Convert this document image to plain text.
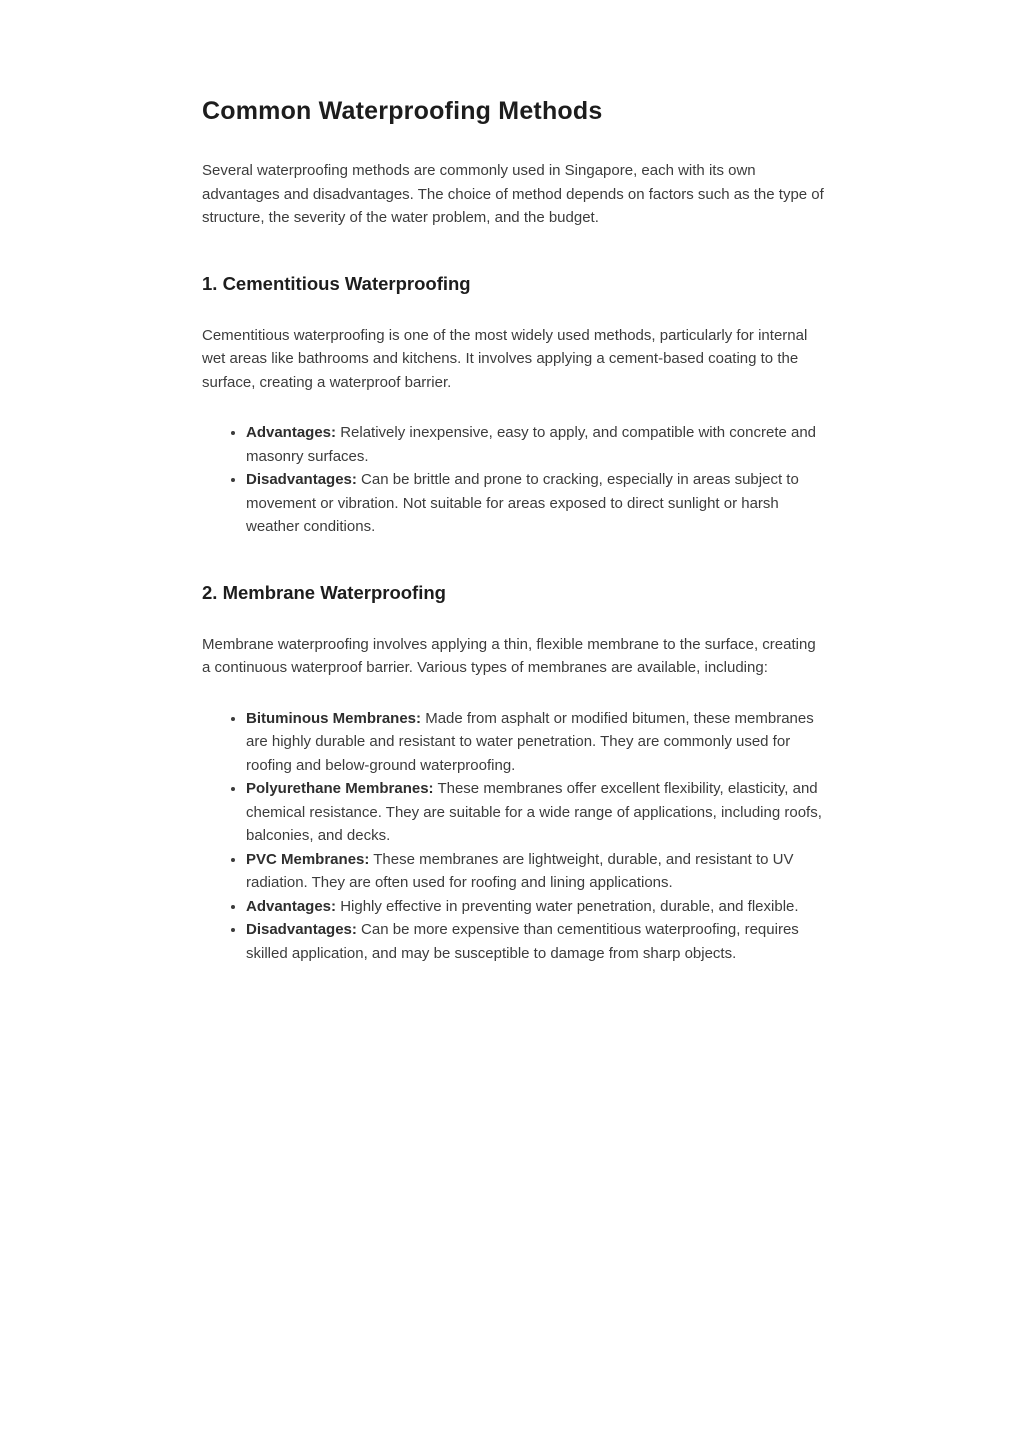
Common Waterproofing Methods

Several waterproofing methods are commonly used in Singapore, each with its own advantages and disadvantages. The choice of method depends on factors such as the type of structure, the severity of the water problem, and the budget.

1. Cementitious Waterproofing

Cementitious waterproofing is one of the most widely used methods, particularly for internal wet areas like bathrooms and kitchens. It involves applying a cement-based coating to the surface, creating a waterproof barrier.

• Advantages: Relatively inexpensive, easy to apply, and compatible with concrete and masonry surfaces.
• Disadvantages: Can be brittle and prone to cracking, especially in areas subject to movement or vibration. Not suitable for areas exposed to direct sunlight or harsh weather conditions.
2. Membrane Waterproofing

Membrane waterproofing involves applying a thin, flexible membrane to the surface, creating a continuous waterproof barrier. Various types of membranes are available, including:

• Bituminous Membranes: Made from asphalt or modified bitumen, these membranes are highly durable and resistant to water penetration. They are commonly used for roofing and below-ground waterproofing.
• Polyurethane Membranes: These membranes offer excellent flexibility, elasticity, and chemical resistance. They are suitable for a wide range of applications, including roofs, balconies, and decks.
• PVC Membranes: These membranes are lightweight, durable, and resistant to UV radiation. They are often used for roofing and lining applications.
• Advantages: Highly effective in preventing water penetration, durable, and flexible.
• Disadvantages: Can be more expensive than cementitious waterproofing, requires skilled application, and may be susceptible to damage from sharp objects.
